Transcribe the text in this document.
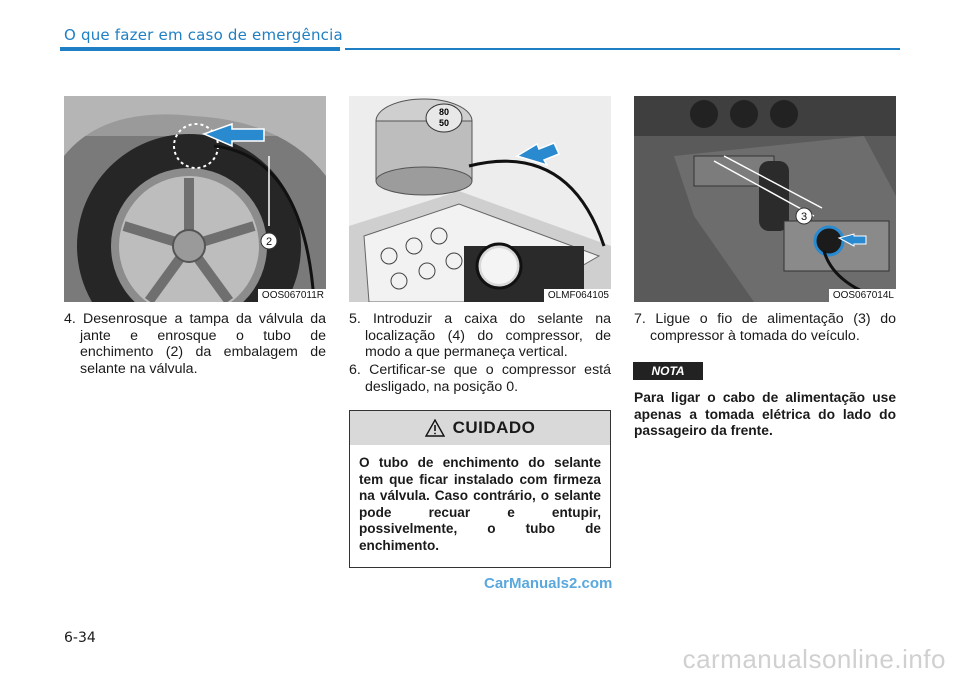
O que fazer em caso de emergência
2
OOS067011R
80
50
OLMF064105
3
OOS067014L
4. Desenrosque a tampa da válvula da jante e enrosque o tubo de enchimento (2) da embalagem de selante na válvula.
5. Introduzir a caixa do selante na localização (4) do compressor, de modo a que permaneça vertical.
6. Certificar-se que o compressor está desligado, na posição 0.
7. Ligue o fio de alimentação (3) do compressor à tomada do veículo.
CUIDADO
O tubo de enchimento do selante tem que ficar instalado com firmeza na válvula. Caso contrário, o selante pode recuar e entupir, possivelmente, o tubo de enchimento.
NOTA
Para ligar o cabo de alimentação use apenas a tomada elétrica do lado do passageiro da frente.
CarManuals2.com
6-34
carmanualsonline.info
